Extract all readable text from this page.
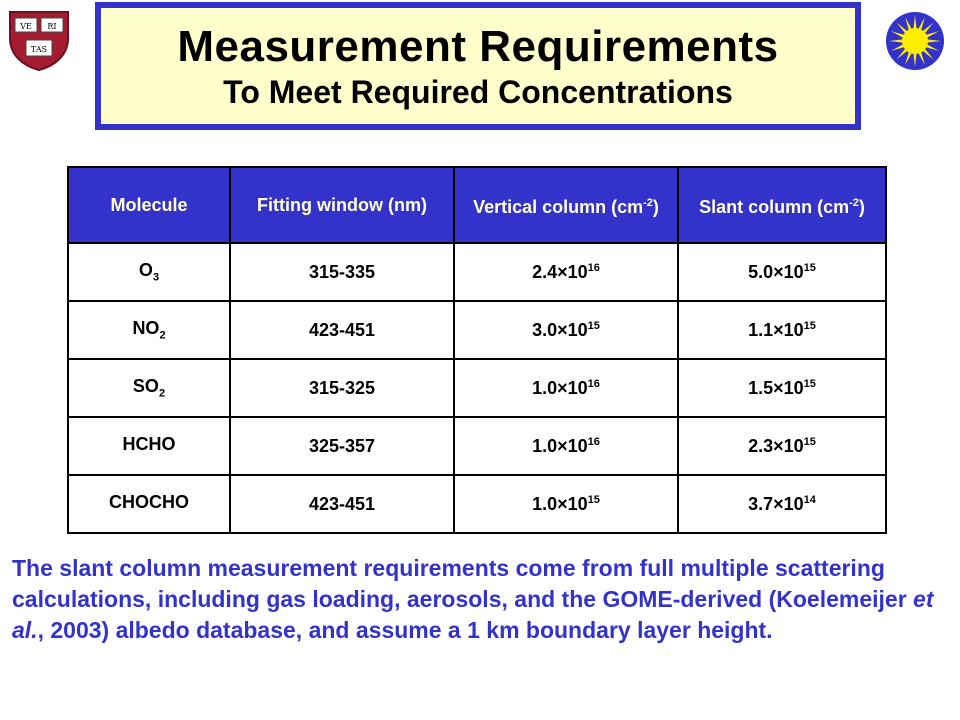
VE RI
TAS	Measurement Requirements
To Meet Required Concentrations
Molecule	Fitting window (nm)	Vertical column $(cm^{-2})$	Slant column $(cm^{-2})$
$O_3$	315-335	$2.4\times 10^{16}$	$5.0\times 10^{15}$
$NO_2$	423-451	$3.0\times 10^{15}$	$1.1\times 10^{15}$
$SO_2$	315-325	$1.0\times 10^{16}$	$1.5\times 10^{15}$
HCHO	325-357	$1.0\times 10^{16}$	$2.3\times 10^{15}$
CHOCHO	423-451	$1.0\times 10^{15}$	$3.7\times 10^{14}$
The slant column measurement requirements come from full multiple scattering calculations, including gas loading, aerosols, and the GOME-derived (Koelemeijer et al., 2003) albedo database, and assume a 1 km boundary layer height.
